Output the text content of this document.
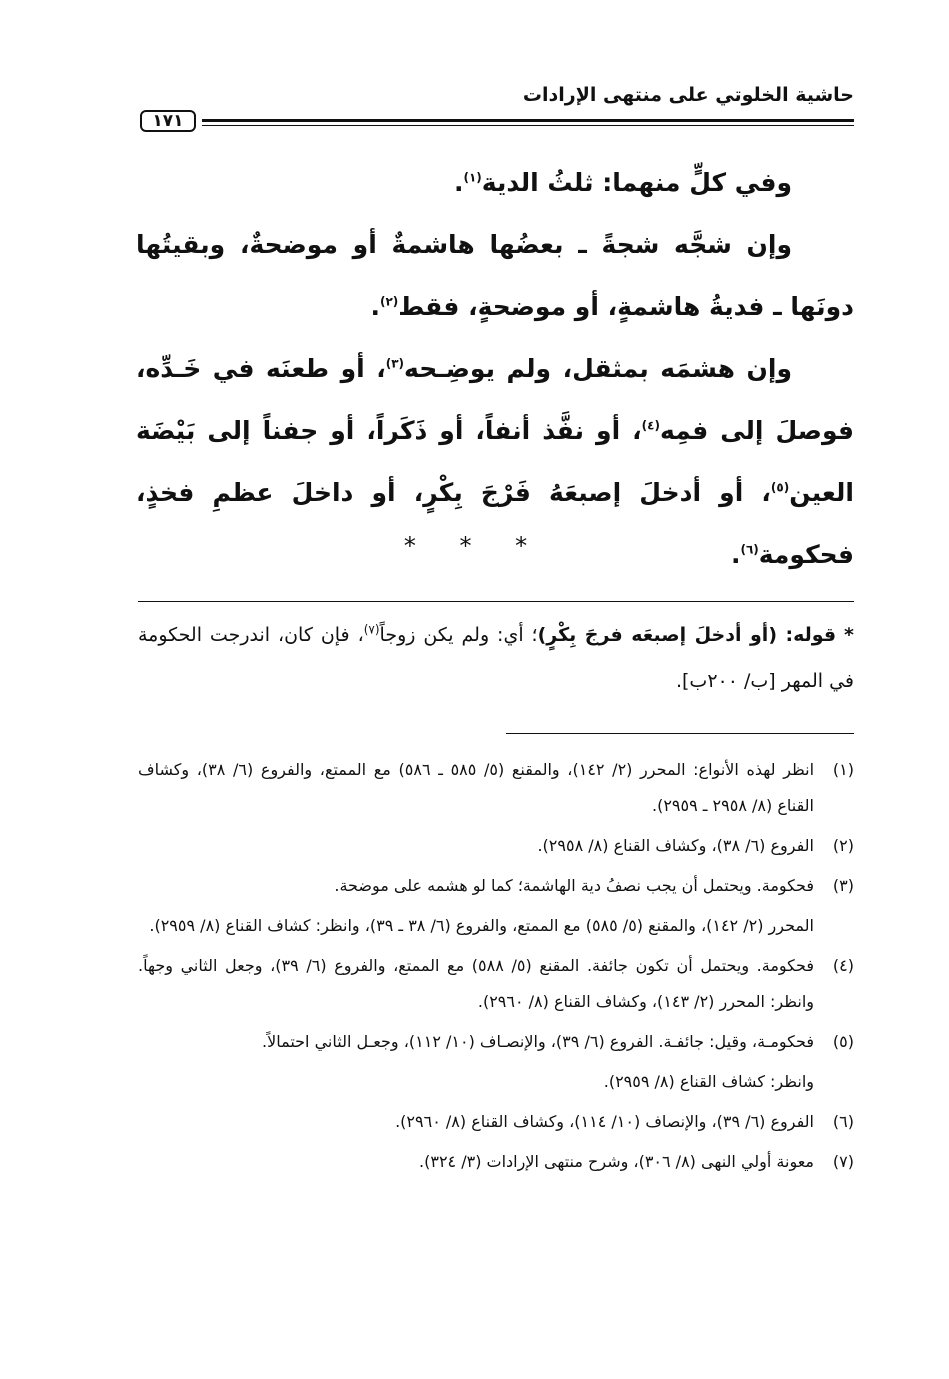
حاشية الخلوتي على منتهى الإرادات
١٧١

وفي كلٍّ منهما: ثلثُ الدية$^{(١)}$.

وإن شجَّه شجةً ـ بعضُها هاشمةٌ أو موضحةٌ، وبقيتُها دونَها ـ فديةُ هاشمةٍ، أو موضحةٍ، فقط$^{(٢)}$.

وإن هشمَه بمثقل، ولم يوضِـحه$^{(٣)}$، أو طعنَه في خَـدِّه، فوصلَ إلى فمِه$^{(٤)}$، أو نفَّذ أنفاً، أو ذَكَراً، أو جفناً إلى بَيْضَة العين$^{(٥)}$، أو أدخلَ إصبعَهُ فَرْجَ بِكْرٍ، أو داخلَ عظمِ فخذٍ، فحكومة$^{(٦)}$.

* * *

* قوله: (أو أدخلَ إصبعَه فرجَ بِكْرٍ)؛ أي: ولم يكن زوجاً$^{(٧)}$، فإن كان، اندرجت الحكومة في المهر [ب/ ٢٠٠ب].

(١)
انظر لهذه الأنواع: المحرر (٢/ ١٤٢)، والمقنع (٥/ ٥٨٥ ـ ٥٨٦) مع الممتع، والفروع (٦/ ٣٨)، وكشاف القناع (٨/ ٢٩٥٨ ـ ٢٩٥٩).
(٢)
الفروع (٦/ ٣٨)، وكشاف القناع (٨/ ٢٩٥٨).
(٣)
فحكومة. ويحتمل أن يجب نصفُ دية الهاشمة؛ كما لو هشمه على موضحة.
المحرر (٢/ ١٤٢)، والمقنع (٥/ ٥٨٥) مع الممتع، والفروع (٦/ ٣٨ ـ ٣٩)، وانظر: كشاف القناع (٨/ ٢٩٥٩).
(٤)
فحكومة. ويحتمل أن تكون جائفة. المقنع (٥/ ٥٨٨) مع الممتع، والفروع (٦/ ٣٩)، وجعل الثاني وجهاً. وانظر: المحرر (٢/ ١٤٣)، وكشاف القناع (٨/ ٢٩٦٠).
(٥)
فحكومـة، وقيل: جائفـة. الفروع (٦/ ٣٩)، والإنصـاف (١٠/ ١١٢)، وجعـل الثاني احتمالاً.
وانظر: كشاف القناع (٨/ ٢٩٥٩).
(٦)
الفروع (٦/ ٣٩)، والإنصاف (١٠/ ١١٤)، وكشاف القناع (٨/ ٢٩٦٠).
(٧)
معونة أولي النهى (٨/ ٣٠٦)، وشرح منتهى الإرادات (٣/ ٣٢٤).
